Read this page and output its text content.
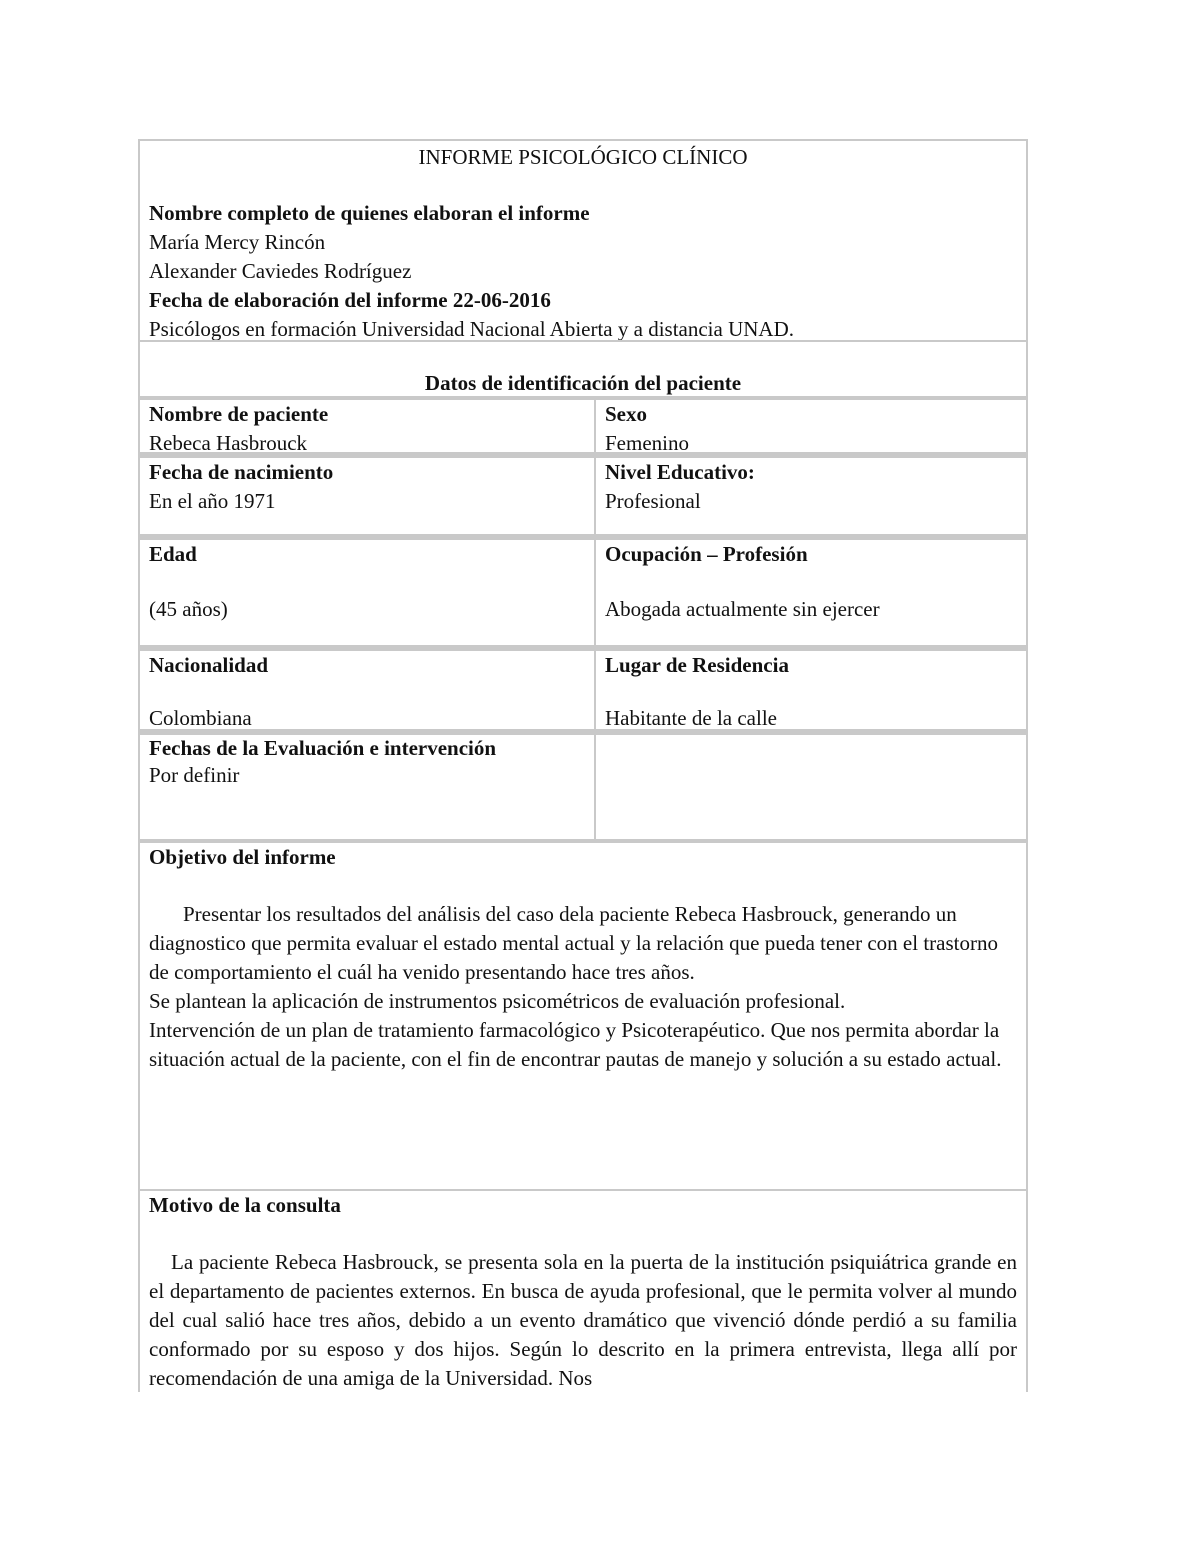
INFORME PSICOLÓGICO CLÍNICO

Nombre completo de quienes elaboran el informe

María Mercy Rincón

Alexander Caviedes Rodríguez

Fecha de elaboración del informe 22-06-2016

Psicólogos en formación Universidad Nacional Abierta y a distancia UNAD.

Datos de identificación del paciente

Nombre de paciente

Rebeca Hasbrouck

Sexo

Femenino

Fecha de nacimiento

En el año 1971

Nivel Educativo:

Profesional

Edad

(45 años)

Ocupación – Profesión

Abogada actualmente sin ejercer

Nacionalidad

Colombiana

Lugar de Residencia

Habitante de la calle

Fechas de la Evaluación e intervención

Por definir

Objetivo del informe

Presentar los resultados del análisis del caso dela paciente Rebeca Hasbrouck, generando un diagnostico que permita evaluar el estado mental actual y la relación que pueda tener con el trastorno de comportamiento el cuál ha venido presentando hace tres años.

Se plantean la aplicación de instrumentos psicométricos de evaluación profesional.

Intervención de un plan de tratamiento farmacológico y Psicoterapéutico. Que nos permita abordar la situación actual de la paciente, con el fin de encontrar pautas de manejo y solución a su estado actual.

Motivo de la consulta

La paciente Rebeca Hasbrouck, se presenta sola en la puerta de la institución psiquiátrica grande en el departamento de pacientes externos. En busca de ayuda profesional, que le permita volver al mundo del cual salió hace tres años, debido a un evento dramático que vivenció dónde perdió a su familia conformado por su esposo y dos hijos. Según lo descrito en la primera entrevista, llega allí por recomendación de una amiga de la Universidad. Nos
